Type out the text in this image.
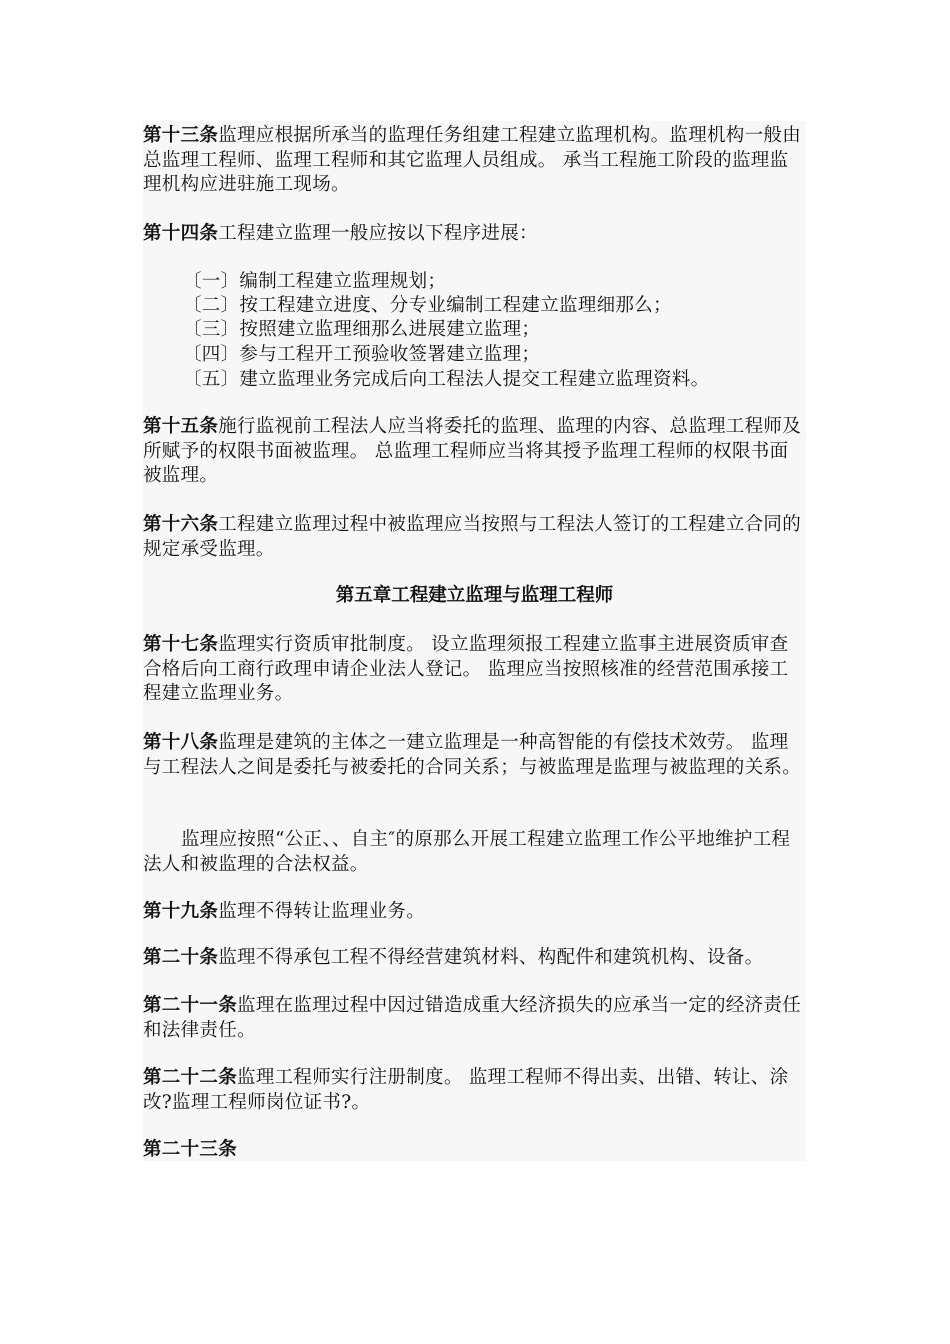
第十三条监理应根据所承当的监理任务组建工程建立监理机构。监理机构一般由总监理工程师、监理工程师和其它监理人员组成。 承当工程施工阶段的监理监理机构应进驻施工现场。

第十四条工程建立监理一般应按以下程序进展：

〔一〕编制工程建立监理规划；

〔二〕按工程建立进度、分专业编制工程建立监理细那么；

〔三〕按照建立监理细那么进展建立监理；

〔四〕参与工程开工预验收签署建立监理；

〔五〕建立监理业务完成后向工程法人提交工程建立监理资料。

第十五条施行监视前工程法人应当将委托的监理、监理的内容、总监理工程师及所赋予的权限书面被监理。 总监理工程师应当将其授予监理工程师的权限书面被监理。

第十六条工程建立监理过程中被监理应当按照与工程法人签订的工程建立合同的规定承受监理。

第五章工程建立监理与监理工程师

第十七条监理实行资质审批制度。 设立监理须报工程建立监事主进展资质审查合格后向工商行政理申请企业法人登记。 监理应当按照核准的经营范围承接工程建立监理业务。

第十八条监理是建筑的主体之一建立监理是一种高智能的有偿技术效劳。 监理与工程法人之间是委托与被委托的合同关系；与被监理是监理与被监理的关系。

监理应按照“公正、、自主″的原那么开展工程建立监理工作公平地维护工程法人和被监理的合法权益。

第十九条监理不得转让监理业务。

第二十条监理不得承包工程不得经营建筑材料、构配件和建筑机构、设备。

第二十一条监理在监理过程中因过错造成重大经济损失的应承当一定的经济责任和法律责任。

第二十二条监理工程师实行注册制度。 监理工程师不得出卖、出错、转让、涂改?监理工程师岗位证书?。

第二十三条
